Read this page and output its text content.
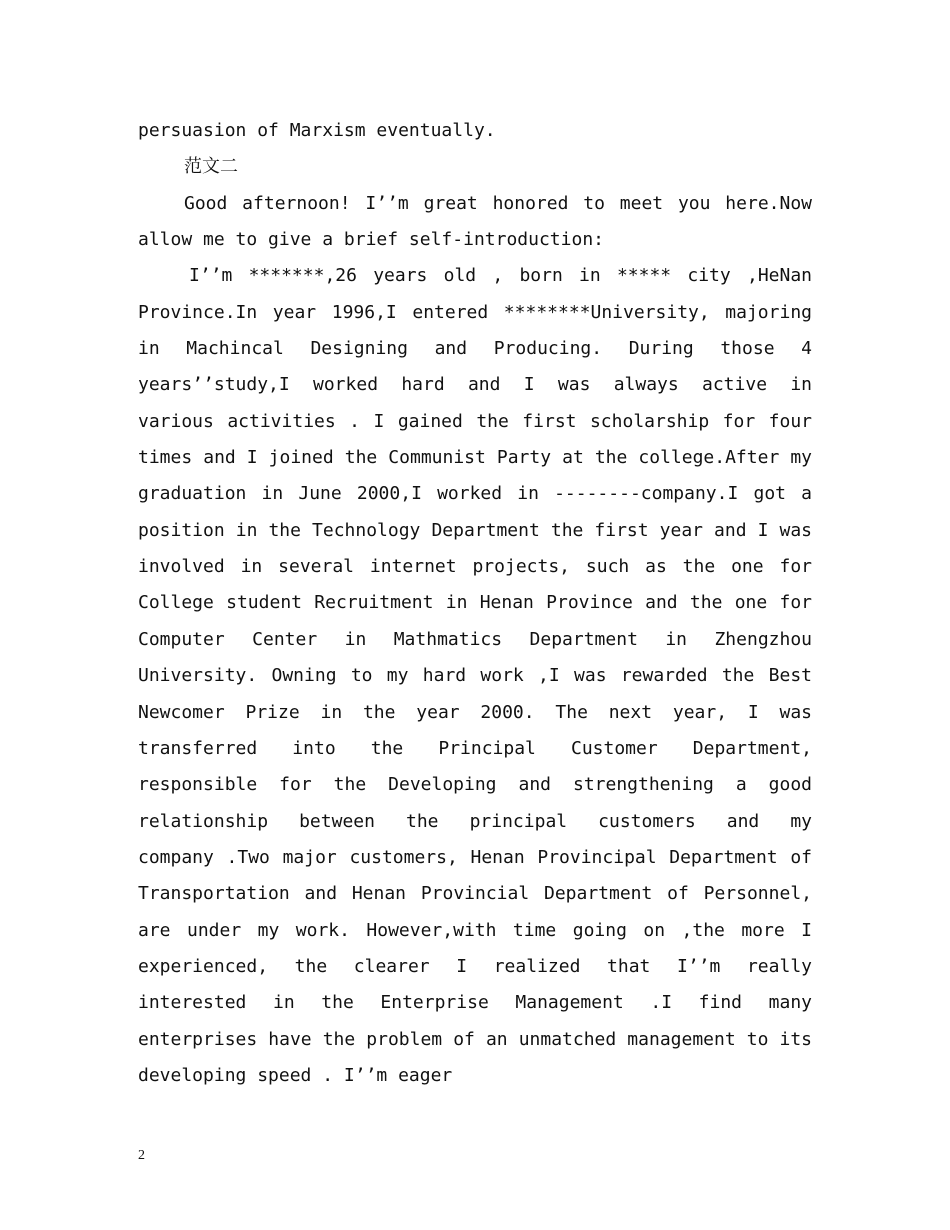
persuasion of Marxism eventually.
范文二
Good afternoon! I’’m great honored to meet you here.Now
allow me to give a brief self-introduction:
I’’m *******,26 years old , born in ***** city ,HeNan
Province.In year 1996,I entered ********University, majoring
in Machincal Designing and Producing. During those 4
years’’study,I worked hard and I was always active in
various activities . I gained the first scholarship for four
times and I joined the Communist Party at the college.After my
graduation in June 2000,I worked in --------company.I got a
position in the Technology Department the first year and I was
involved in several internet projects, such as the one for
College student Recruitment in Henan Province and the one for
Computer Center in Mathmatics Department in Zhengzhou
University. Owning to my hard work ,I was rewarded the Best
Newcomer Prize in the year 2000. The next year, I was
transferred into the Principal Customer Department,
responsible for the Developing and strengthening a good
relationship between the principal customers and my
company .Two major customers, Henan Provincipal Department of
Transportation and Henan Provincial Department of Personnel,
are under my work. However,with time going on ,the more I
experienced, the clearer I realized that I’’m really
interested in the Enterprise Management .I find many
enterprises have the problem of an unmatched management to its
developing speed . I’’m eager
2
